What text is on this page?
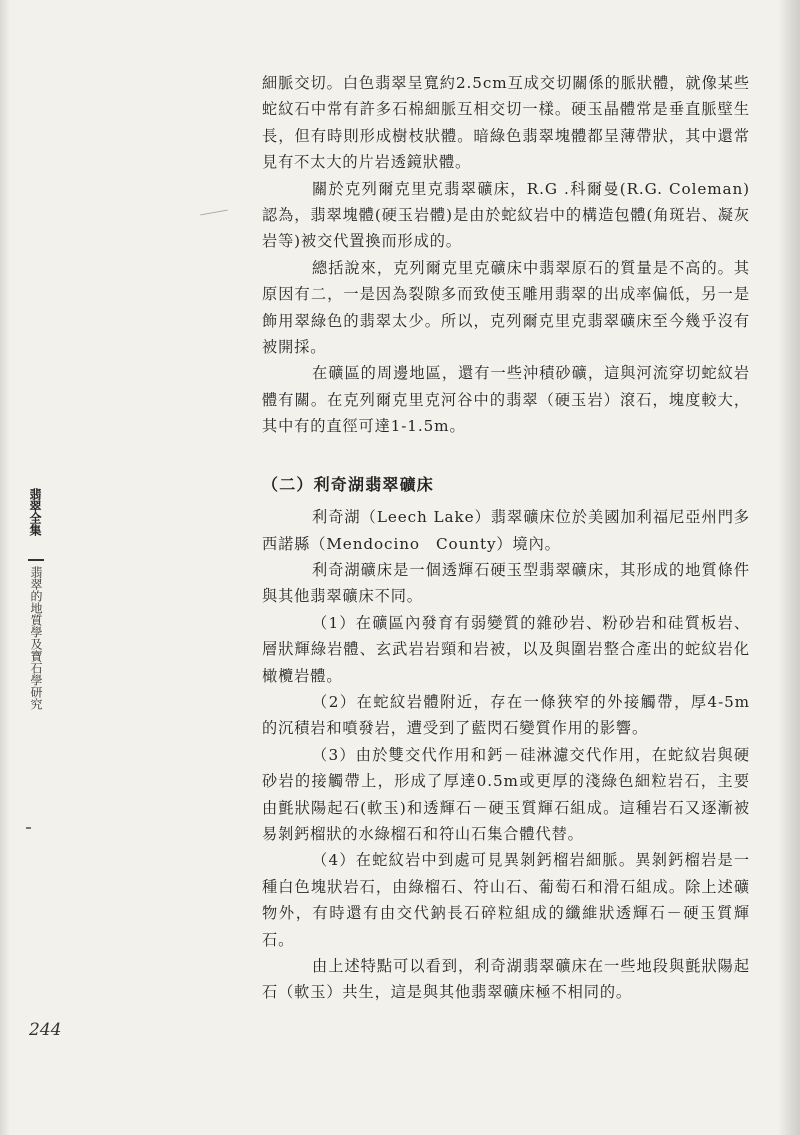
細脈交切。白色翡翠呈寬約2.5cm互成交切關係的脈狀體，就像某些蛇紋石中常有許多石棉細脈互相交切一樣。硬玉晶體常是垂直脈壁生長，但有時則形成樹枝狀體。暗綠色翡翠塊體都呈薄帶狀，其中還常見有不太大的片岩透鏡狀體。

關於克列爾克里克翡翠礦床，R.G .科爾曼(R.G. Coleman)認為，翡翠塊體(硬玉岩體)是由於蛇紋岩中的構造包體(角斑岩、凝灰岩等)被交代置換而形成的。

總括說來，克列爾克里克礦床中翡翠原石的質量是不高的。其原因有二，一是因為裂隙多而致使玉雕用翡翠的出成率偏低，另一是飾用翠綠色的翡翠太少。所以，克列爾克里克翡翠礦床至今幾乎沒有被開採。

在礦區的周邊地區，還有一些沖積砂礦，這與河流穿切蛇紋岩體有關。在克列爾克里克河谷中的翡翠（硬玉岩）滾石，塊度較大，其中有的直徑可達1-1.5m。

（二）利奇湖翡翠礦床

利奇湖（Leech Lake）翡翠礦床位於美國加利福尼亞州門多西諾縣（Mendocino　County）境內。

利奇湖礦床是一個透輝石硬玉型翡翠礦床，其形成的地質條件與其他翡翠礦床不同。

（1）在礦區內發育有弱變質的雜砂岩、粉砂岩和硅質板岩、層狀輝綠岩體、玄武岩岩頸和岩被，以及與圍岩整合產出的蛇紋岩化橄欖岩體。

（2）在蛇紋岩體附近，存在一條狹窄的外接觸帶，厚4-5m的沉積岩和噴發岩，遭受到了藍閃石變質作用的影響。

（3）由於雙交代作用和鈣－硅淋濾交代作用，在蛇紋岩與硬砂岩的接觸帶上，形成了厚達0.5m或更厚的淺綠色細粒岩石，主要由氈狀陽起石(軟玉)和透輝石－硬玉質輝石組成。這種岩石又逐漸被易剝鈣榴狀的水綠榴石和符山石集合體代替。

（4）在蛇紋岩中到處可見異剝鈣榴岩細脈。異剝鈣榴岩是一種白色塊狀岩石，由綠榴石、符山石、葡萄石和滑石組成。除上述礦物外，有時還有由交代鈉長石碎粒組成的纖維狀透輝石－硬玉質輝石。

由上述特點可以看到，利奇湖翡翠礦床在一些地段與氈狀陽起石（軟玉）共生，這是與其他翡翠礦床極不相同的。

翡翠全集
翡翠的地質學及寶石學研究
244
